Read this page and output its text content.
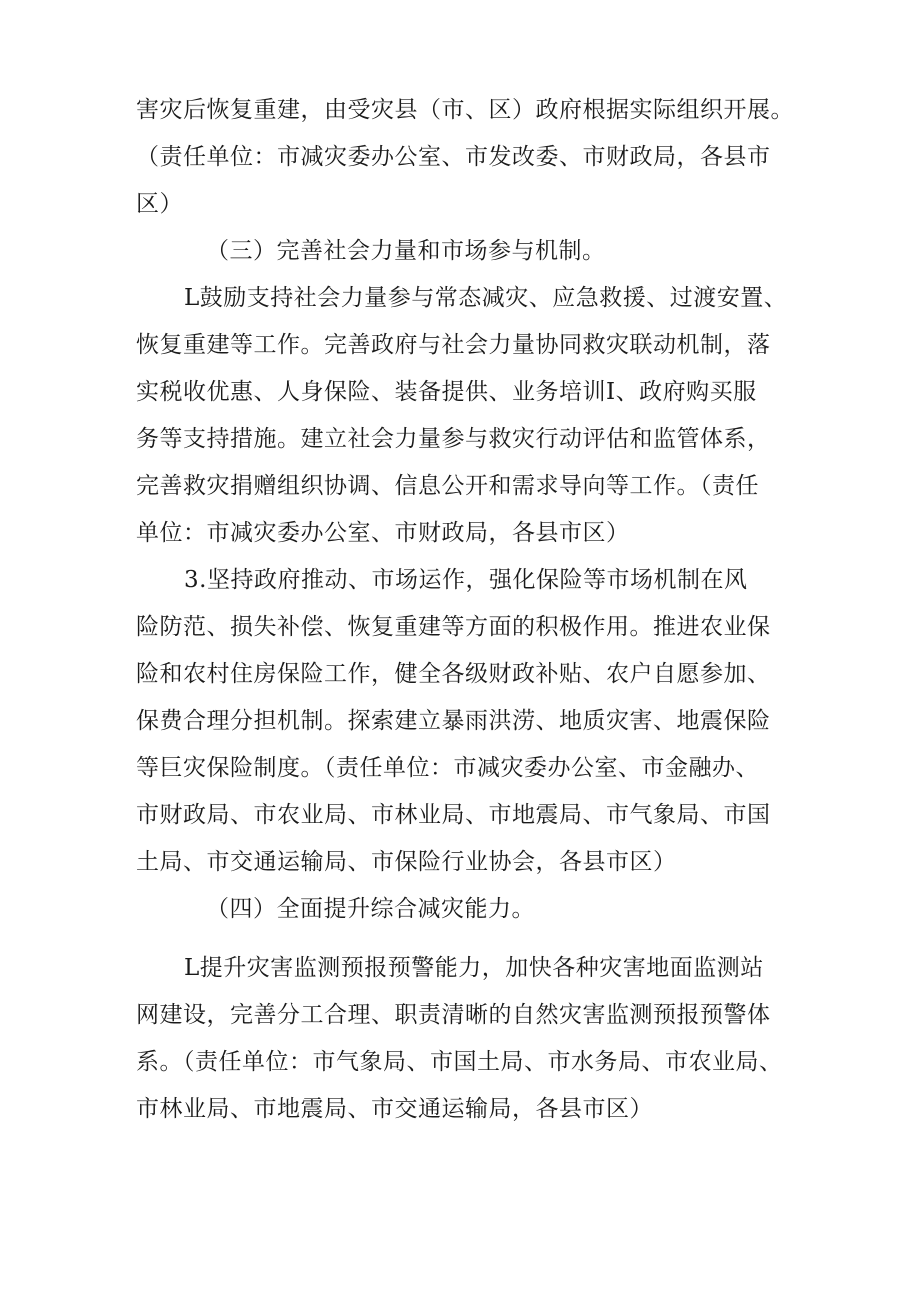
害灾后恢复重建，由受灾县（市、区）政府根据实际组织开展。
（责任单位：市减灾委办公室、市发改委、市财政局，各县市
区）
（三）完善社会力量和市场参与机制。
L鼓励支持社会力量参与常态减灾、应急救援、过渡安置、
恢复重建等工作。完善政府与社会力量协同救灾联动机制，落
实税收优惠、人身保险、装备提供、业务培训I、政府购买服
务等支持措施。建立社会力量参与救灾行动评估和监管体系，
完善救灾捐赠组织协调、信息公开和需求导向等工作。（责任
单位：市减灾委办公室、市财政局，各县市区）
3.坚持政府推动、市场运作，强化保险等市场机制在风
险防范、损失补偿、恢复重建等方面的积极作用。推进农业保
险和农村住房保险工作，健全各级财政补贴、农户自愿参加、
保费合理分担机制。探索建立暴雨洪涝、地质灾害、地震保险
等巨灾保险制度。（责任单位：市减灾委办公室、市金融办、
市财政局、市农业局、市林业局、市地震局、市气象局、市国
土局、市交通运输局、市保险行业协会，各县市区）
（四）全面提升综合减灾能力。
L提升灾害监测预报预警能力，加快各种灾害地面监测站
网建设，完善分工合理、职责清晰的自然灾害监测预报预警体
系。（责任单位：市气象局、市国土局、市水务局、市农业局、
市林业局、市地震局、市交通运输局，各县市区）
